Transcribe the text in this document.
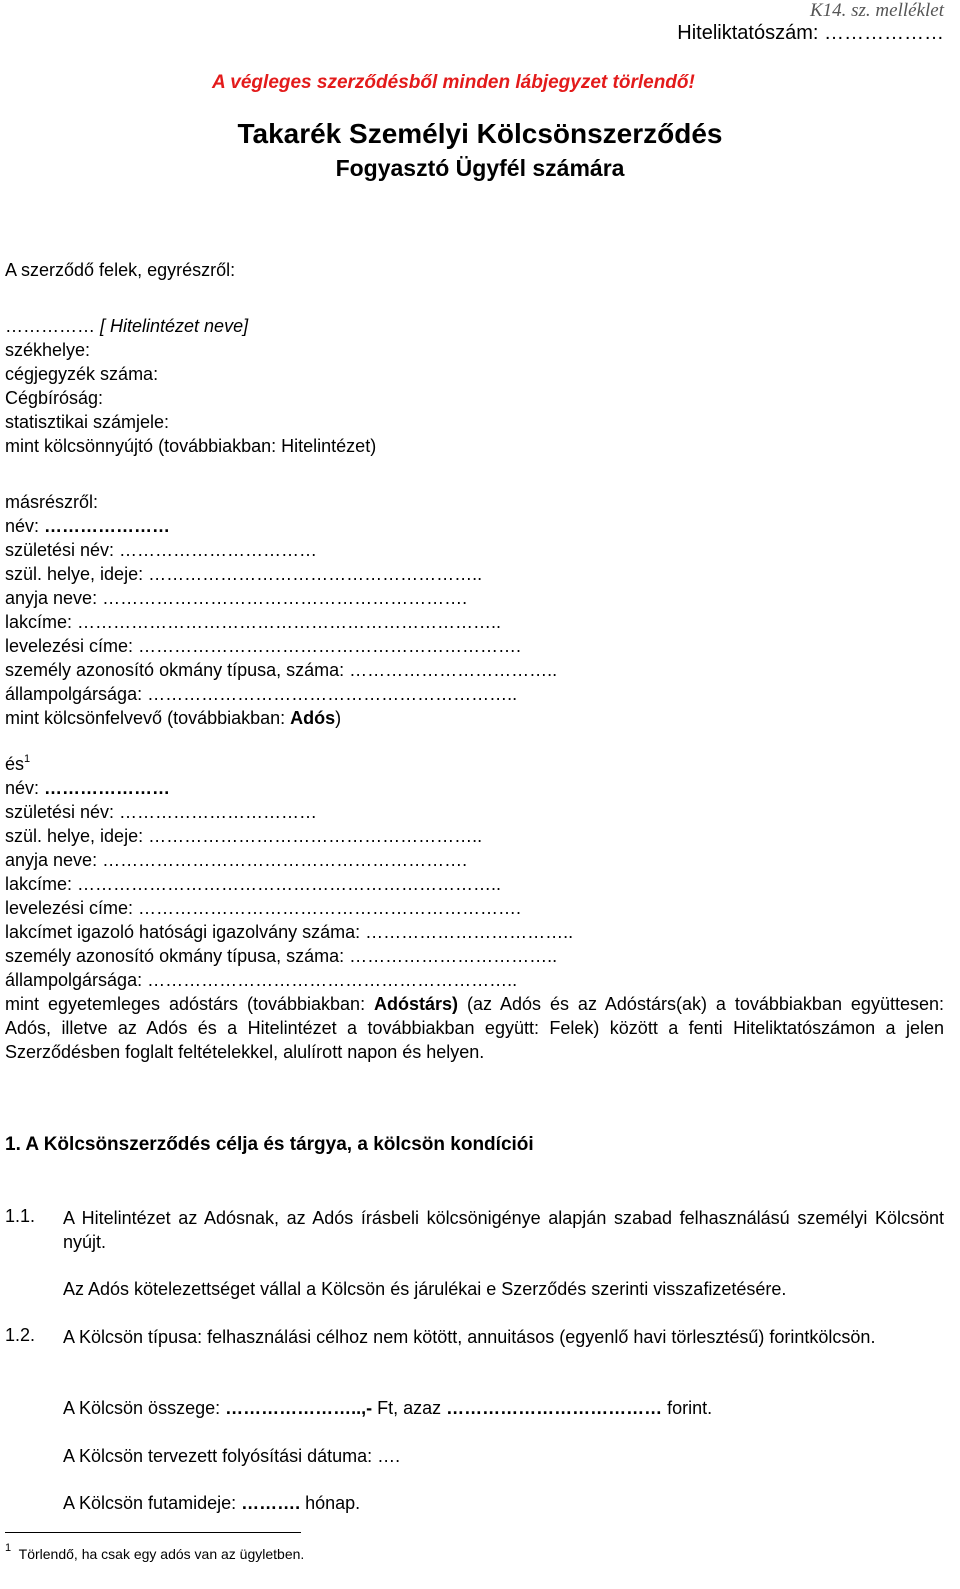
K14. sz. melléklet
Hiteliktatószám: ………………
A végleges szerződésből minden lábjegyzet törlendő!
Takarék Személyi Kölcsönszerződés
Fogyasztó Ügyfél számára
A szerződő felek, egyrészről:
…………… [ Hitelintézet neve]
székhelye:
cégjegyzék száma:
Cégbíróság:
statisztikai számjele:
mint kölcsönnyújtó (továbbiakban: Hitelintézet)
másrészről:
név: …………………
születési név: ……………………………
szül. helye, ideje: ………………………………………………..
anyja neve: …………………………………………………….
lakcíme: ……………………………………………………………..
levelezési címe: ……………………………………………………….
személy azonosító okmány típusa, száma: ……………………………..
állampolgársága: ……………………………………………………..
mint kölcsönfelvevő (továbbiakban: Adós)
$és^1$
név: …………………
születési név: ……………………………
szül. helye, ideje: ………………………………………………..
anyja neve: …………………………………………………….
lakcíme: ……………………………………………………………..
levelezési címe: ……………………………………………………….
lakcímet igazoló hatósági igazolvány száma: ……………………………..
személy azonosító okmány típusa, száma: ……………………………..
állampolgársága: ……………………………………………………..
mint egyetemleges adóstárs (továbbiakban: Adóstárs) (az Adós és az Adóstárs(ak) a továbbiakban együttesen: Adós, illetve az Adós és a Hitelintézet a továbbiakban együtt: Felek) között a fenti Hiteliktatószámon a jelen Szerződésben foglalt feltételekkel, alulírott napon és helyen.
1. A Kölcsönszerződés célja és tárgya, a kölcsön kondíciói
1.1. A Hitelintézet az Adósnak, az Adós írásbeli kölcsönigénye alapján szabad felhasználású személyi Kölcsönt nyújt.
Az Adós kötelezettséget vállal a Kölcsön és járulékai e Szerződés szerinti visszafizetésére.
1.2. A Kölcsön típusa: felhasználási célhoz nem kötött, annuitásos (egyenlő havi törlesztésű) forintkölcsön.
A Kölcsön összege: …………………..,- Ft, azaz ……………………………… forint.
A Kölcsön tervezett folyósítási dátuma: ….
A Kölcsön futamideje: ………. hónap.
$^1$ Törlendő, ha csak egy adós van az ügyletben.
